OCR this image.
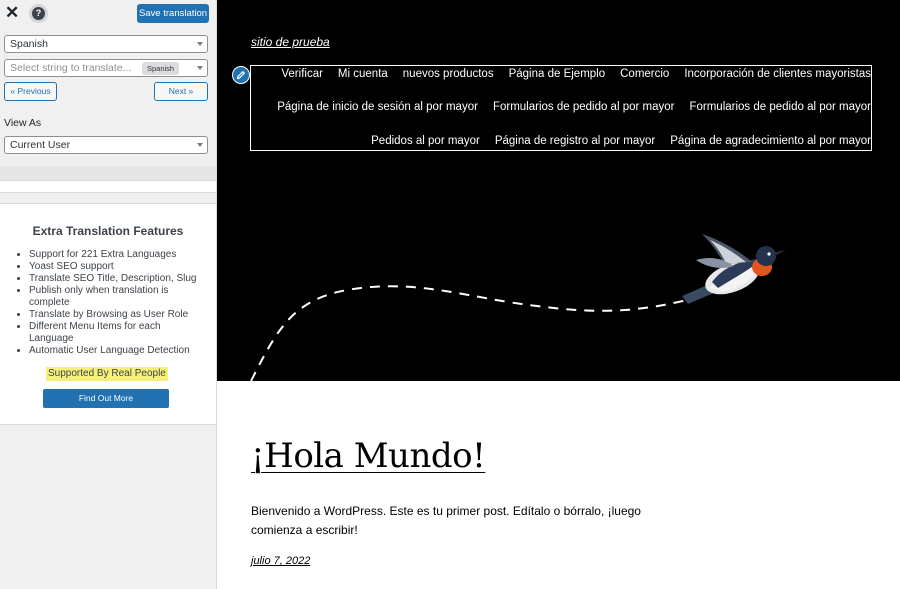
✕	?	Save translation
Spanish
Select string to translate...	Spanish
« Previous	Next »
View As
Current User
Extra Translation Features
• Support for 221 Extra Languages
• Yoast SEO support
• Translate SEO Title, Description, Slug
• Publish only when translation is complete
• Translate by Browsing as User Role
• Different Menu Items for each Language
• Automatic User Language Detection
Supported By Real People
Find Out More
sitio de prueba
Verificar Mi cuenta nuevos productos Página de Ejemplo Comercio Incorporación de clientes mayoristas
Página de inicio de sesión al por mayor Formularios de pedido al por mayor Formularios de pedido al por mayor
Pedidos al por mayor Página de registro al por mayor Página de agradecimiento al por mayor
¡Hola Mundo!
Bienvenido a WordPress. Este es tu primer post. Edítalo o bórralo, ¡luego comienza a escribir!
julio 7, 2022
